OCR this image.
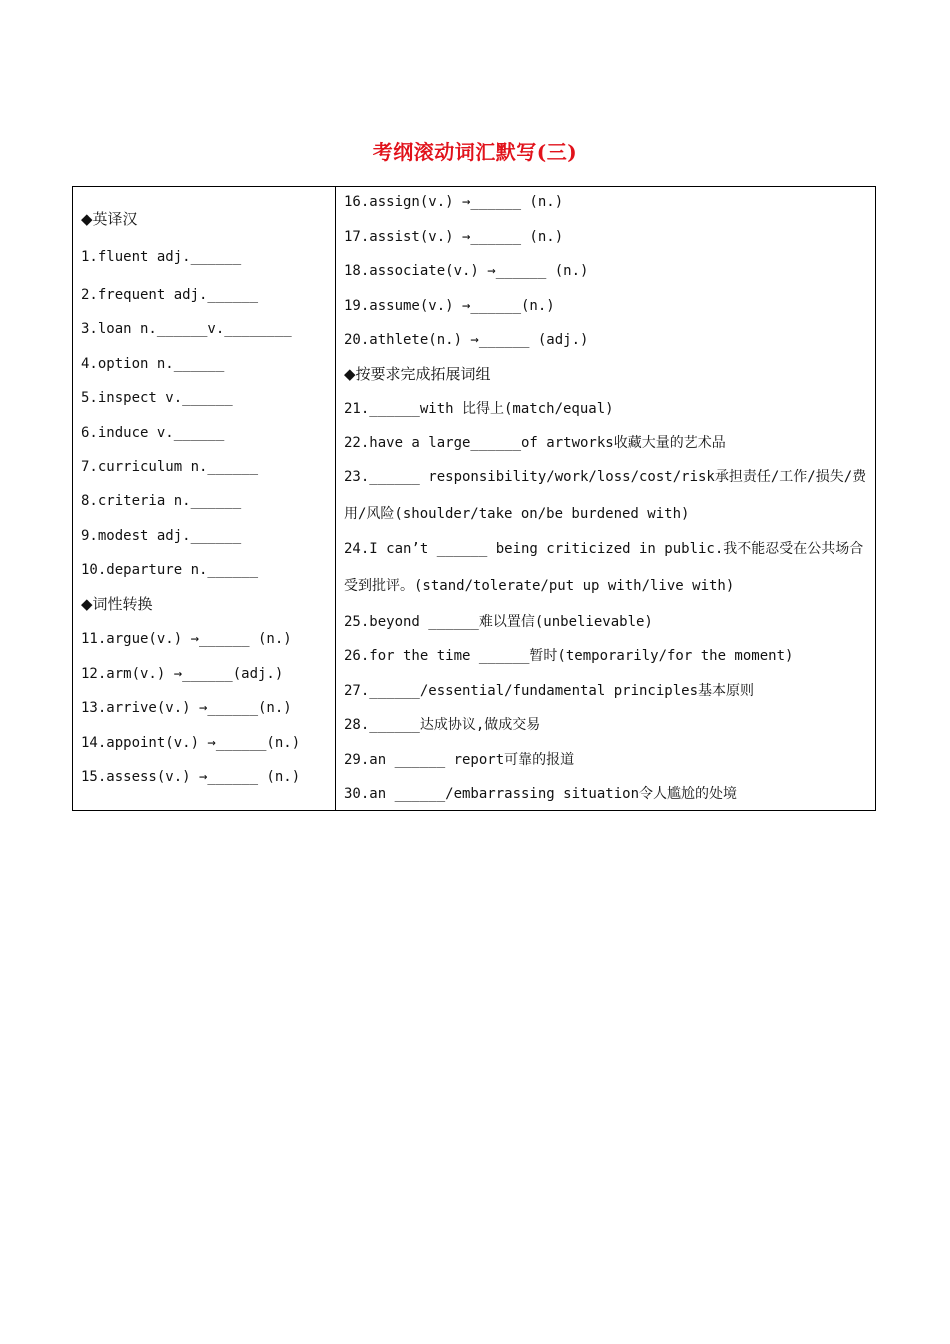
考纲滚动词汇默写(三)
◆英译汉
1.fluent adj.______
2.frequent adj.______
3.loan n.______v.________
4.option n.______
5.inspect v.______
6.induce v.______
7.curriculum n.______
8.criteria n.______
9.modest adj.______
10.departure n.______
◆词性转换
11.argue(v.) →______ (n.)
12.arm(v.) →______(adj.)
13.arrive(v.) →______(n.)
14.appoint(v.) →______(n.)
15.assess(v.) →______ (n.)
16.assign(v.) →______ (n.)
17.assist(v.) →______ (n.)
18.associate(v.) →______ (n.)
19.assume(v.) →______(n.)
20.athlete(n.) →______ (adj.)
◆按要求完成拓展词组
21.______with 比得上(match/equal)
22.have a large______of artworks收藏大量的艺术品
23.______ responsibility/work/loss/cost/risk承担责任/工作/损失/费用/风险(shoulder/take on/be burdened with)
24.I can’t ______ being criticized in public.我不能忍受在公共场合受到批评。(stand/tolerate/put up with/live with)
25.beyond ______难以置信(unbelievable)
26.for the time ______暂时(temporarily/for the moment)
27.______/essential/fundamental principles基本原则
28.______达成协议,做成交易
29.an ______ report可靠的报道
30.an ______/embarrassing situation令人尴尬的处境
